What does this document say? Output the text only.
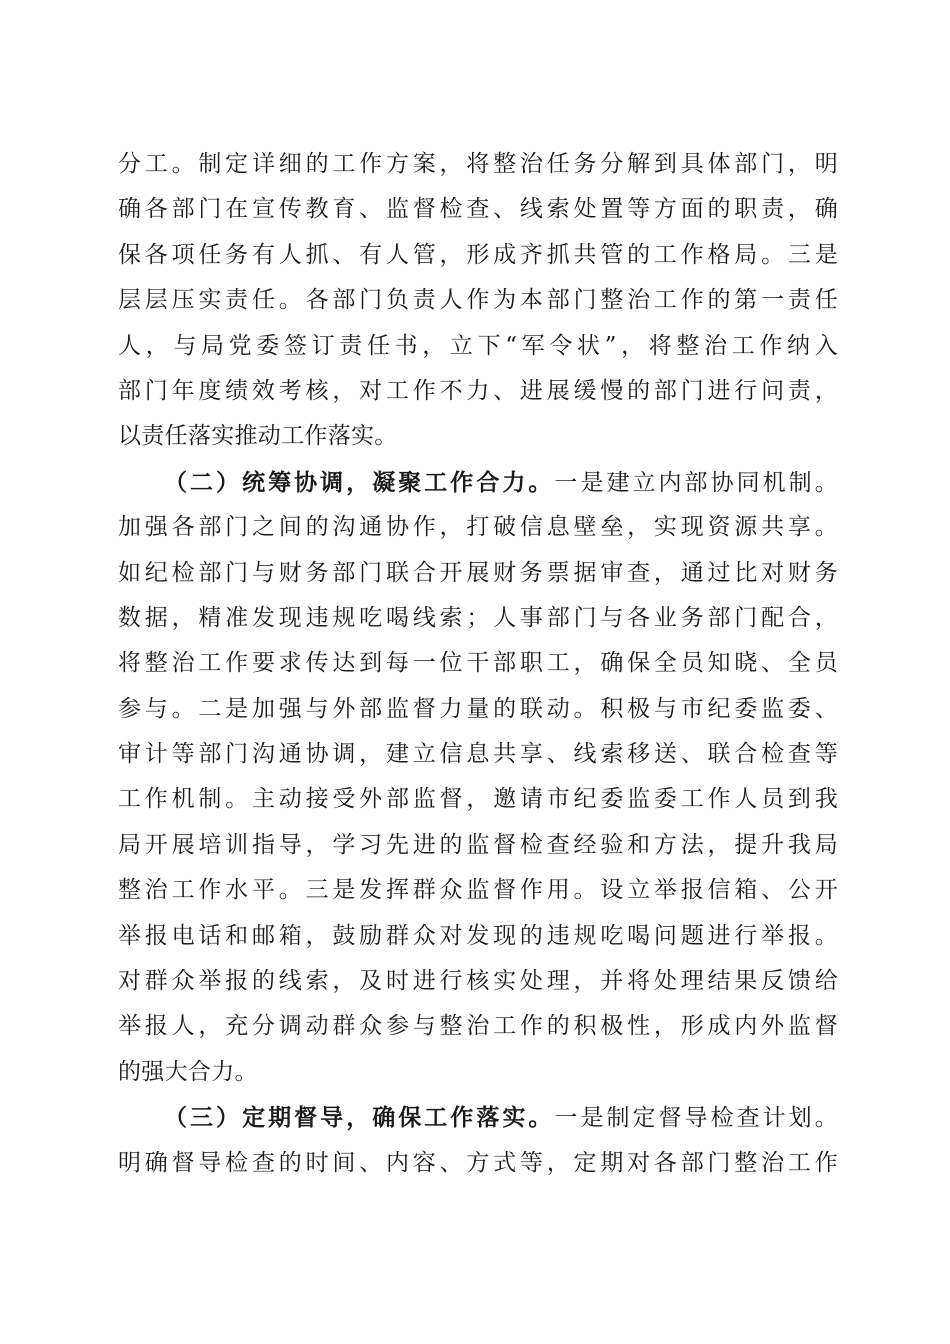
分工。制定详细的工作方案，将整治任务分解到具体部门，明
确各部门在宣传教育、监督检查、线索处置等方面的职责，确
保各项任务有人抓、有人管，形成齐抓共管的工作格局。三是
层层压实责任。各部门负责人作为本部门整治工作的第一责任
人，与局党委签订责任书，立下“军令状”，将整治工作纳入
部门年度绩效考核，对工作不力、进展缓慢的部门进行问责，
以责任落实推动工作落实。
（二）统筹协调，凝聚工作合力。一是建立内部协同机制。
加强各部门之间的沟通协作，打破信息壁垒，实现资源共享。
如纪检部门与财务部门联合开展财务票据审查，通过比对财务
数据，精准发现违规吃喝线索；人事部门与各业务部门配合，
将整治工作要求传达到每一位干部职工，确保全员知晓、全员
参与。二是加强与外部监督力量的联动。积极与市纪委监委、
审计等部门沟通协调，建立信息共享、线索移送、联合检查等
工作机制。主动接受外部监督，邀请市纪委监委工作人员到我
局开展培训指导，学习先进的监督检查经验和方法，提升我局
整治工作水平。三是发挥群众监督作用。设立举报信箱、公开
举报电话和邮箱，鼓励群众对发现的违规吃喝问题进行举报。
对群众举报的线索，及时进行核实处理，并将处理结果反馈给
举报人，充分调动群众参与整治工作的积极性，形成内外监督
的强大合力。
（三）定期督导，确保工作落实。一是制定督导检查计划。
明确督导检查的时间、内容、方式等，定期对各部门整治工作
